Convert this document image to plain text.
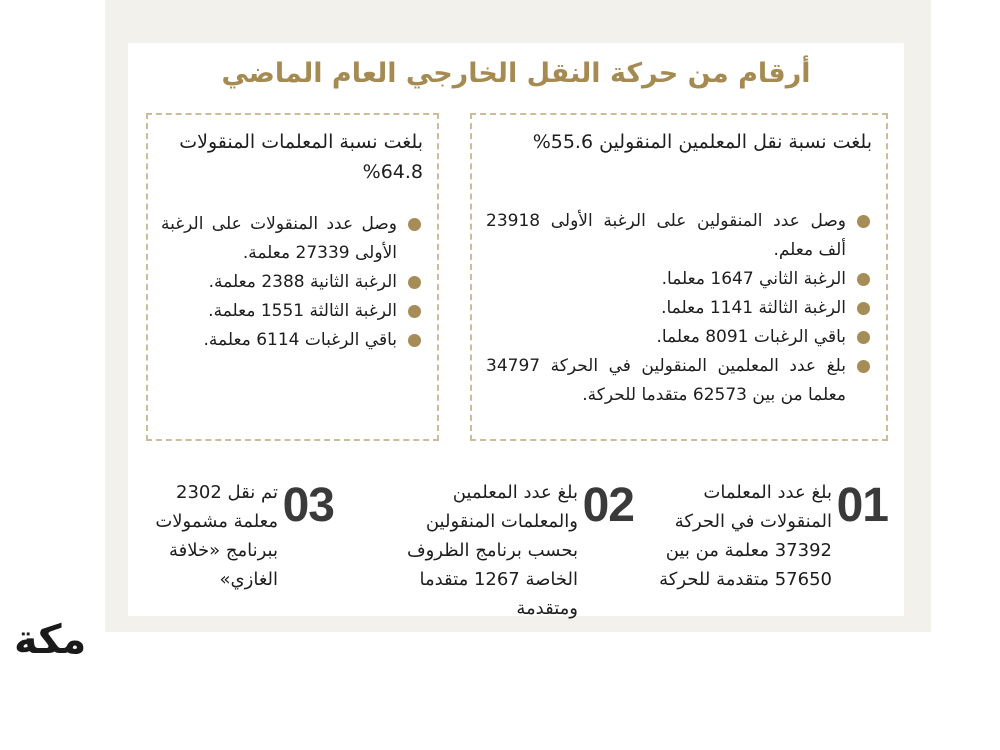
أرقام من حركة النقل الخارجي العام الماضي
بلغت نسبة نقل المعلمين المنقولين 55.6%
وصل عدد المنقولين على الرغبة الأولى 23918 ألف معلم.
الرغبة الثاني 1647 معلما.
الرغبة الثالثة 1141 معلما.
باقي الرغبات 8091 معلما.
بلغ عدد المعلمين المنقولين في الحركة 34797 معلما من بين 62573 متقدما للحركة.
بلغت نسبة المعلمات المنقولات 64.8%
وصل عدد المنقولات على الرغبة الأولى 27339 معلمة.
الرغبة الثانية 2388 معلمة.
الرغبة الثالثة 1551 معلمة.
باقي الرغبات 6114 معلمة.
01
بلغ عدد المعلمات المنقولات في الحركة 37392 معلمة من بين 57650 متقدمة للحركة
02
بلغ عدد المعلمين والمعلمات المنقولين بحسب برنامج الظروف الخاصة 1267 متقدما ومتقدمة
03
تم نقل 2302 معلمة مشمولات ببرنامج «خلافة الغازي»
مكة
